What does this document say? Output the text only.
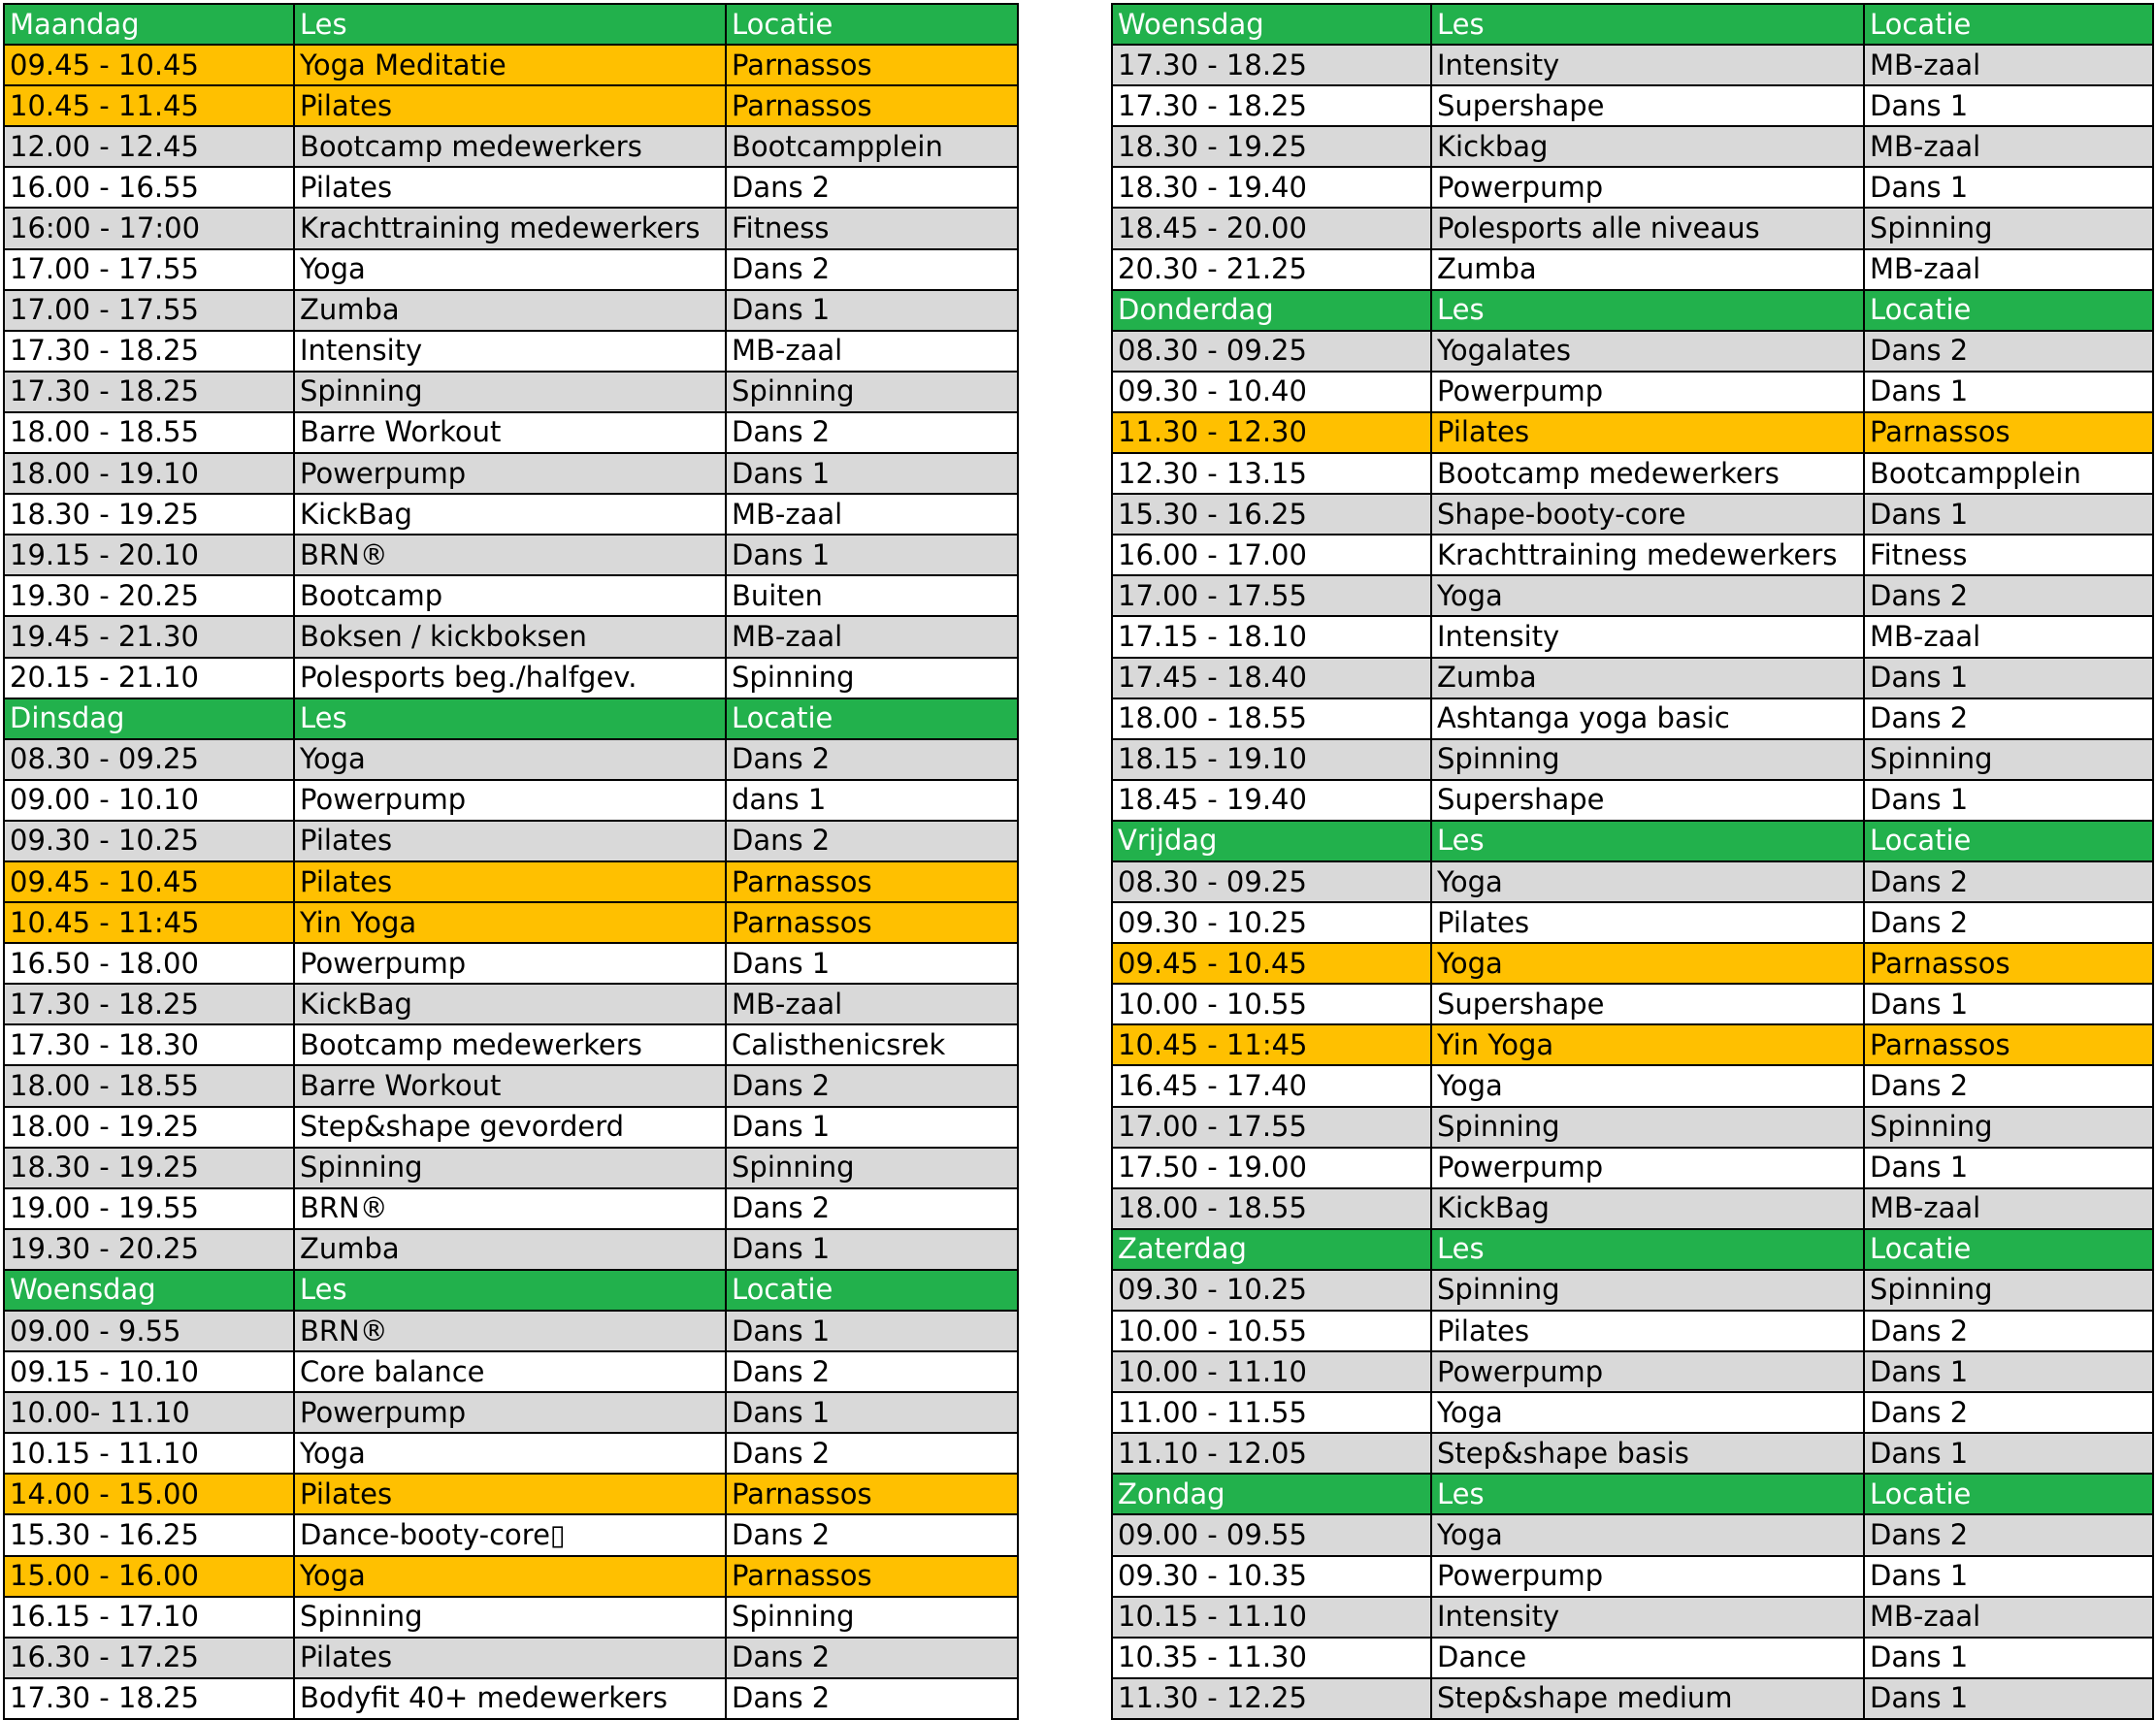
Maandag	Les	Locatie
09.45 - 10.45	Yoga Meditatie	Parnassos
10.45 - 11.45	Pilates	Parnassos
12.00 - 12.45	Bootcamp medewerkers	Bootcampplein
16.00 - 16.55	Pilates	Dans 2
16:00 - 17:00	Krachttraining medewerkers	Fitness
17.00 - 17.55	Yoga	Dans 2
17.00 - 17.55	Zumba	Dans 1
17.30 - 18.25	Intensity	MB-zaal
17.30 - 18.25	Spinning	Spinning
18.00 - 18.55	Barre Workout	Dans 2
18.00 - 19.10	Powerpump	Dans 1
18.30 - 19.25	KickBag	MB-zaal
19.15 - 20.10	BRN®	Dans 1
19.30 - 20.25	Bootcamp	Buiten
19.45 - 21.30	Boksen / kickboksen	MB-zaal
20.15 - 21.10	Polesports beg./halfgev.	Spinning
Dinsdag	Les	Locatie
08.30 - 09.25	Yoga	Dans 2
09.00 - 10.10	Powerpump	dans 1
09.30 - 10.25	Pilates	Dans 2
09.45 - 10.45	Pilates	Parnassos
10.45 - 11:45	Yin Yoga	Parnassos
16.50 - 18.00	Powerpump	Dans 1
17.30 - 18.25	KickBag	MB-zaal
17.30 - 18.30	Bootcamp medewerkers	Calisthenicsrek
18.00 - 18.55	Barre Workout	Dans 2
18.00 - 19.25	Step&shape gevorderd	Dans 1
18.30 - 19.25	Spinning	Spinning
19.00 - 19.55	BRN®	Dans 2
19.30 - 20.25	Zumba	Dans 1
Woensdag	Les	Locatie
09.00 - 9.55	BRN®	Dans 1
09.15 - 10.10	Core balance	Dans 2
10.00- 11.10	Powerpump	Dans 1
10.15 - 11.10	Yoga	Dans 2
14.00 - 15.00	Pilates	Parnassos
15.30 - 16.25	Dance-booty-core▯	Dans 2
15.00 - 16.00	Yoga	Parnassos
16.15 - 17.10	Spinning	Spinning
16.30 - 17.25	Pilates	Dans 2
17.30 - 18.25	Bodyfit 40+ medewerkers	Dans 2
Woensdag	Les	Locatie
17.30 - 18.25	Intensity	MB-zaal
17.30 - 18.25	Supershape	Dans 1
18.30 - 19.25	Kickbag	MB-zaal
18.30 - 19.40	Powerpump	Dans 1
18.45 - 20.00	Polesports alle niveaus	Spinning
20.30 - 21.25	Zumba	MB-zaal
Donderdag	Les	Locatie
08.30 - 09.25	Yogalates	Dans 2
09.30 - 10.40	Powerpump	Dans 1
11.30 - 12.30	Pilates	Parnassos
12.30 - 13.15	Bootcamp medewerkers	Bootcampplein
15.30 - 16.25	Shape-booty-core	Dans 1
16.00 - 17.00	Krachttraining medewerkers	Fitness
17.00 - 17.55	Yoga	Dans 2
17.15 - 18.10	Intensity	MB-zaal
17.45 - 18.40	Zumba	Dans 1
18.00 - 18.55	Ashtanga yoga basic	Dans 2
18.15 - 19.10	Spinning	Spinning
18.45 - 19.40	Supershape	Dans 1
Vrijdag	Les	Locatie
08.30 - 09.25	Yoga	Dans 2
09.30 - 10.25	Pilates	Dans 2
09.45 - 10.45	Yoga	Parnassos
10.00 - 10.55	Supershape	Dans 1
10.45 - 11:45	Yin Yoga	Parnassos
16.45 - 17.40	Yoga	Dans 2
17.00 - 17.55	Spinning	Spinning
17.50 - 19.00	Powerpump	Dans 1
18.00 - 18.55	KickBag	MB-zaal
Zaterdag	Les	Locatie
09.30 - 10.25	Spinning	Spinning
10.00 - 10.55	Pilates	Dans 2
10.00 - 11.10	Powerpump	Dans 1
11.00 - 11.55	Yoga	Dans 2
11.10 - 12.05	Step&shape basis	Dans 1
Zondag	Les	Locatie
09.00 - 09.55	Yoga	Dans 2
09.30 - 10.35	Powerpump	Dans 1
10.15 - 11.10	Intensity	MB-zaal
10.35 - 11.30	Dance	Dans 1
11.30 - 12.25	Step&shape medium	Dans 1
